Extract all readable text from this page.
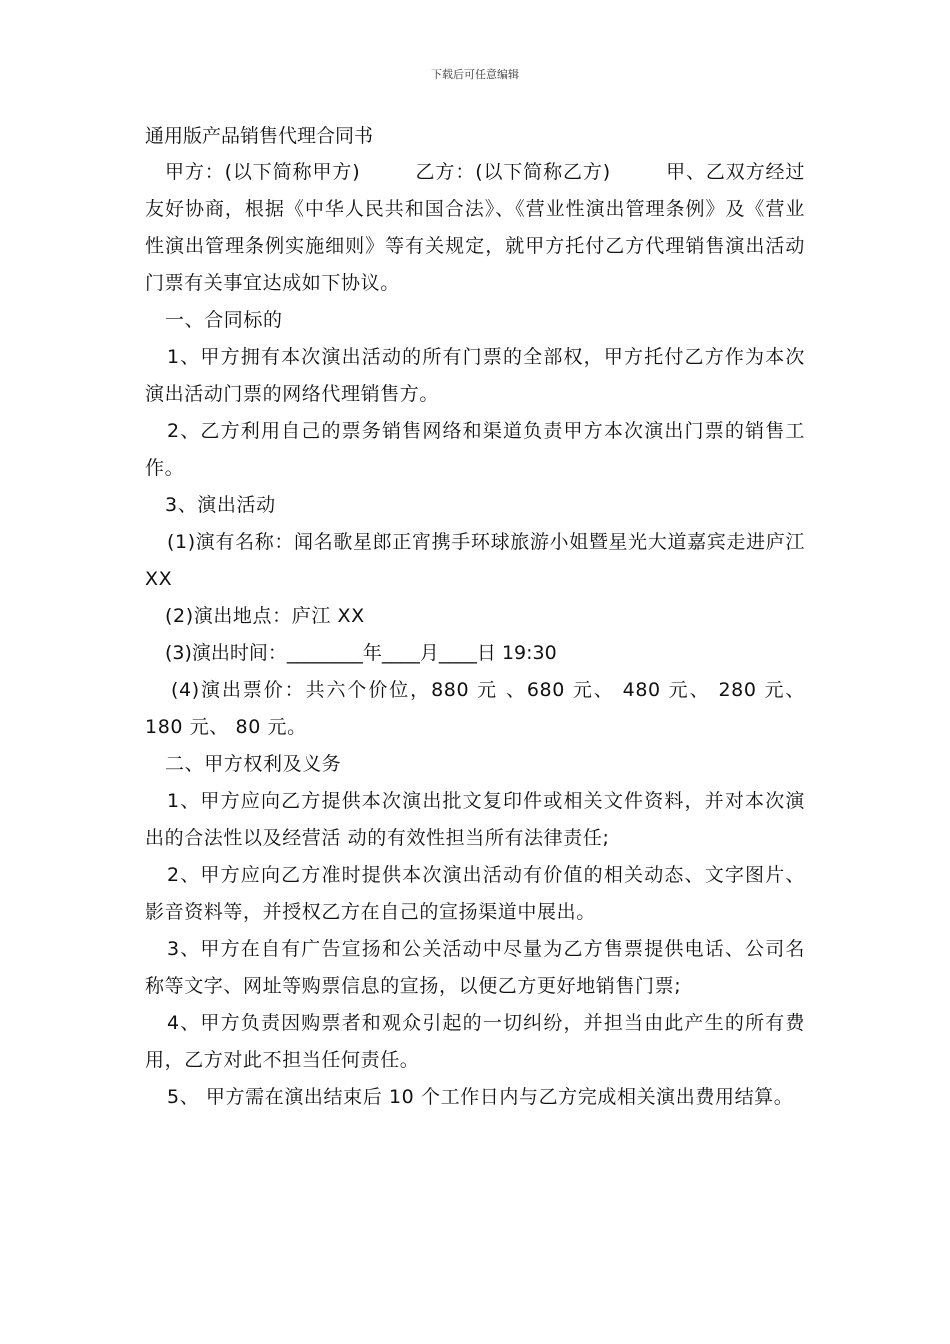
下载后可任意编辑

通用版产品销售代理合同书

甲方：(以下简称甲方)        乙方：(以下简称乙方)        甲、乙双方经过友好协商，根据《中华人民共和国合法》、《营业性演出管理条例》及《营业性演出管理条例实施细则》等有关规定，就甲方托付乙方代理销售演出活动门票有关事宜达成如下协议。

一、合同标的

1、甲方拥有本次演出活动的所有门票的全部权，甲方托付乙方作为本次演出活动门票的网络代理销售方。

2、乙方利用自己的票务销售网络和渠道负责甲方本次演出门票的销售工作。

3、演出活动

(1)演有名称：闻名歌星郎正宵携手环球旅游小姐暨星光大道嘉宾走进庐江 XX

(2)演出地点：庐江 XX

(3)演出时间：________年____月____日 19:30

(4)演出票价：共六个价位，880 元 、680 元、 480 元、 280 元、180 元、 80 元。

二、甲方权利及义务

1、甲方应向乙方提供本次演出批文复印件或相关文件资料，并对本次演出的合法性以及经营活 动的有效性担当所有法律责任;

2、甲方应向乙方准时提供本次演出活动有价值的相关动态、文字图片、影音资料等，并授权乙方在自己的宣扬渠道中展出。

3、甲方在自有广告宣扬和公关活动中尽量为乙方售票提供电话、公司名称等文字、网址等购票信息的宣扬，以便乙方更好地销售门票;

4、甲方负责因购票者和观众引起的一切纠纷，并担当由此产生的所有费用，乙方对此不担当任何责任。

5、 甲方需在演出结束后 10 个工作日内与乙方完成相关演出费用结算。
